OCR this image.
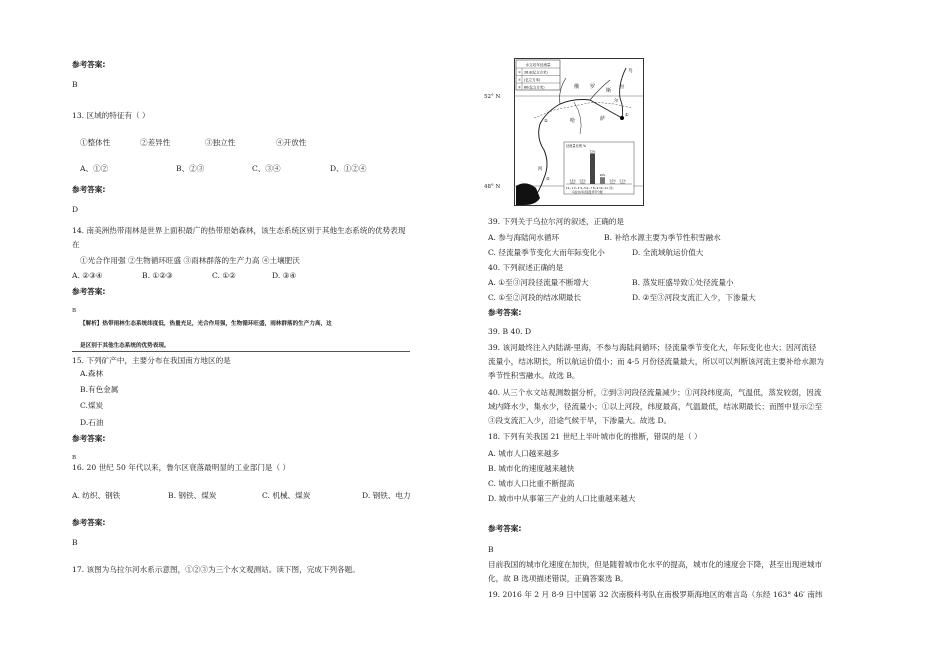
参考答案:
B
13. 区域的特征有（ ）
①整体性	②差异性	③独立性	④开放性
A、①②	B、②③	C、③④	D、①②④
参考答案:
D
14. 南美洲热带雨林是世界上面积最广的热带原始森林，该生态系统区别于其他生态系统的优势表现
在
①光合作用强 ②生物循环旺盛 ③雨林群落的生产力高 ④土壤肥沃
A. ②③④	B. ①②③	C. ①②	D. ③④
参考答案:
B
【解析】热带雨林生态系统纬度低，热量充足，光合作用强，生物循环旺盛，雨林群落的生产力高，这
是区别于其他生态系统的优势表现。
15. 下列矿产中，主要分布在我国南方地区的是
A.森林
B.有色金属
C.煤炭
D.石油
参考答案:
B
16. 20 世纪 50 年代以来，鲁尔区衰落最明显的工业部门是（ ）
A. 纺织、钢铁	B. 钢铁、煤炭	C. 机械、煤炭	D. 钢铁、电力
参考答案:
B
17. 该图为乌拉尔河水系示意图，①②③为三个水文观测站。读下图，完成下列各题。
水文站年径流量
① 26.8(亿立方米)
② (亿立方米)
③ 80(亿立方米)
①
②
③
乌
拉
尔
河
俄 罗
斯
哈	萨
径流量比例 %
12~1 2~3 4~5 6~7 8~9 10~11 (月)
乌拉尔河径流量季节分配
3.5% 3.5%
72%
16%
3.0% 3.1%
52° N
48° N
39. 下列关于乌拉尔河的叙述，正确的是
A. 参与海陆间水循环	B. 补给水源主要为季节性积雪融水
C. 径流量季节变化大而年际变化小	D. 全流域航运价值大
40. 下列叙述正确的是
A. ①至③河段径流量不断增大	B. 蒸发旺盛导致①处径流量小
C. ①至②河段的结冰期最长	D. ②至③河段支流汇入少，下渗量大
参考答案:
39. B 40. D
39. 该河最终注入内陆湖-里海，不参与海陆间循环；径流量季节变化大，年际变化也大；因河流径
流量小，结冰期长，所以航运价值小；而 4-5 月份径流量最大，所以可以判断该河流主要补给水源为
季节性积雪融水。故选 B。
40. 从三个水文站观测数据分析，②到③河段径流量减少；①河段纬度高，气温低，蒸发较弱，因流
域内降水少，集水少，径流量小；①以上河段，纬度最高，气温最低，结冰期最长；而图中显示②至
③段支流汇入少，沿途气候干旱，下渗量大。故选 D。
18. 下列有关我国 21 世纪上半叶城市化的推断，错误的是（ ）
A. 城市人口越来越多
B. 城市化的速度越来越快
C. 城市人口比重不断提高
D. 城市中从事第三产业的人口比重越来越大
参考答案:
B
目前我国的城市化速度在加快，但是随着城市化水平的提高，城市化的速度会下降，甚至出现逆城市
化，故 B 选项描述错误，正确答案选 B。
19. 2016 年 2 月 8-9 日中国第 32 次南极科考队在南极罗斯海地区的难言岛（东经 163° 46′ 南纬
